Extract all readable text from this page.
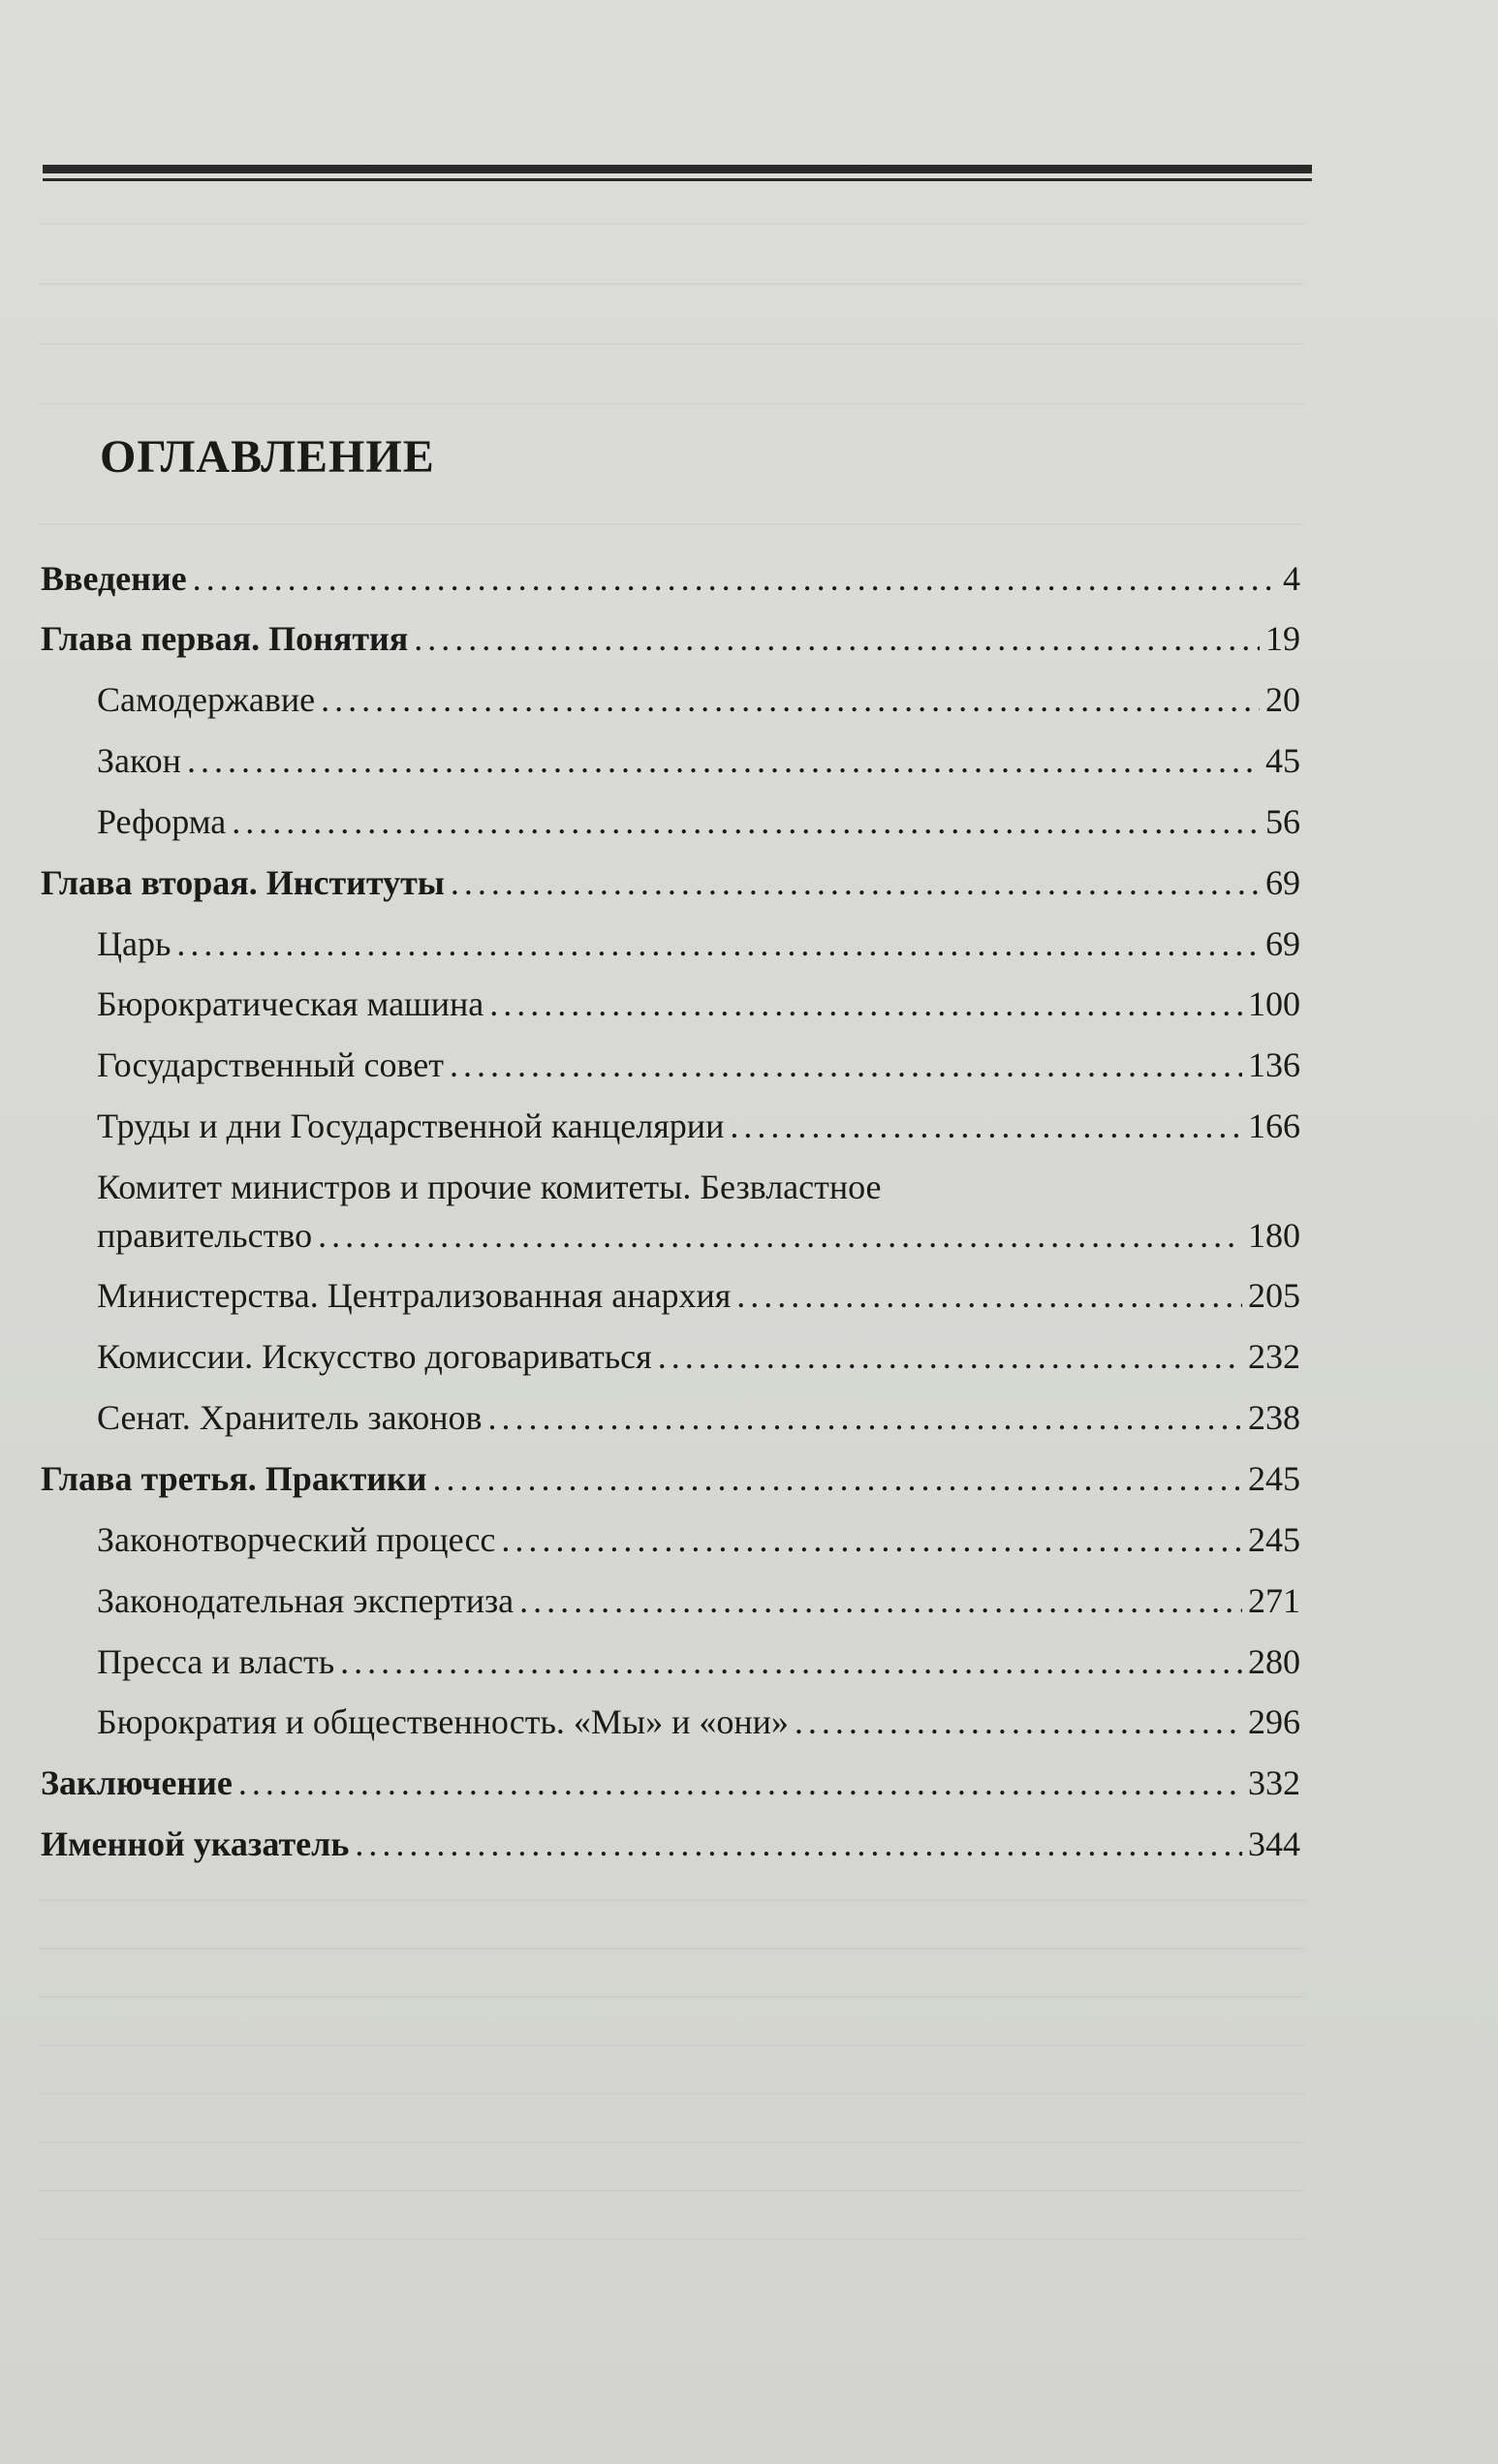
ОГЛАВЛЕНИЕ
Введение . . .	4
Глава первая. Понятия . . .	19
Самодержавие . . .	20
Закон . . .	45
Реформа . . .	56
Глава вторая. Институты . . .	69
Царь . . .	69
Бюрократическая машина . . .	100
Государственный совет . . .	136
Труды и дни Государственной канцелярии . . .	166
Комитет министров и прочие комитеты. Безвластное
правительство . . .	180
Министерства. Централизованная анархия . . .	205
Комиссии. Искусство договариваться . . .	232
Сенат. Хранитель законов . . .	238
Глава третья. Практики . . .	245
Законотворческий процесс . . .	245
Законодательная экспертиза . . .	271
Пресса и власть . . .	280
Бюрократия и общественность. «Мы» и «они» . . .	296
Заключение . . .	332
Именной указатель . . .	344
